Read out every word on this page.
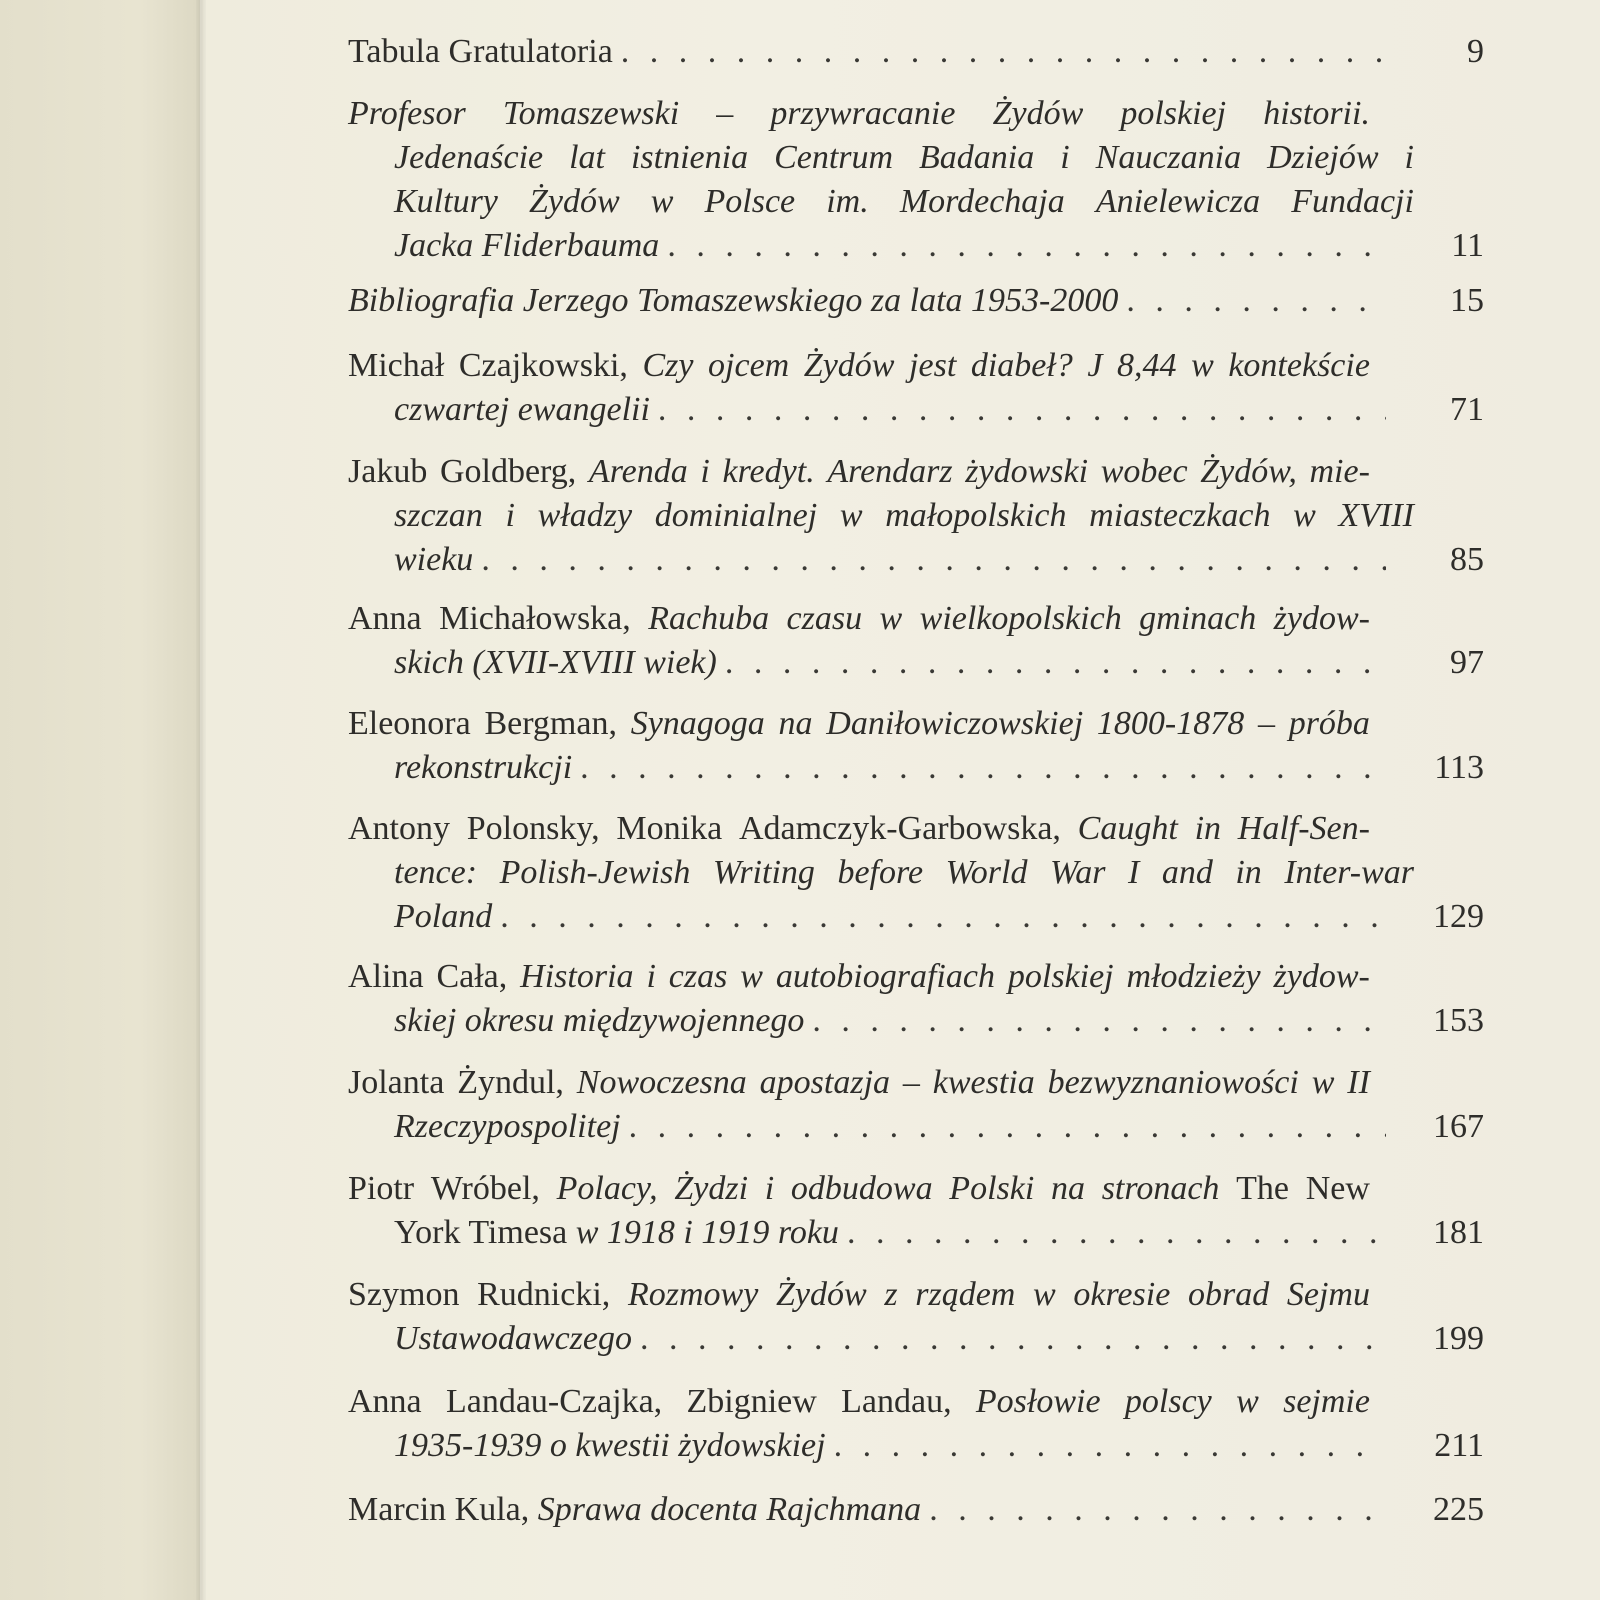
Tabula Gratulatoria . . .	9
Profesor Tomaszewski – przywracanie Żydów polskiej historii.
Jedenaście lat istnienia Centrum Badania i Nauczania Dziejów i
Kultury Żydów w Polsce im. Mordechaja Anielewicza Fundacji
Jacka Fliderbauma . . .	11
Bibliografia Jerzego Tomaszewskiego za lata 1953-2000 . . .	15
Michał Czajkowski, Czy ojcem Żydów jest diabeł? J 8,44 w kontekście
czwartej ewangelii . . .	71
Jakub Goldberg, Arenda i kredyt. Arendarz żydowski wobec Żydów, mie-
szczan i władzy dominialnej w małopolskich miasteczkach w XVIII
wieku . . .	85
Anna Michałowska, Rachuba czasu w wielkopolskich gminach żydow-
skich (XVII-XVIII wiek) . . .	97
Eleonora Bergman, Synagoga na Daniłowiczowskiej 1800-1878 – próba
rekonstrukcji . . .	113
Antony Polonsky, Monika Adamczyk-Garbowska, Caught in Half-Sen-
tence: Polish-Jewish Writing before World War I and in Inter-war
Poland . . .	129
Alina Cała, Historia i czas w autobiografiach polskiej młodzieży żydow-
skiej okresu międzywojennego . . .	153
Jolanta Żyndul, Nowoczesna apostazja – kwestia bezwyznaniowości w II
Rzeczypospolitej . . .	167
Piotr Wróbel, Polacy, Żydzi i odbudowa Polski na stronach The New
York Timesa w 1918 i 1919 roku . . .	181
Szymon Rudnicki, Rozmowy Żydów z rządem w okresie obrad Sejmu
Ustawodawczego . . .	199
Anna Landau-Czajka, Zbigniew Landau, Posłowie polscy w sejmie
1935-1939 o kwestii żydowskiej . . .	211
Marcin Kula, Sprawa docenta Rajchmana . . .	225
